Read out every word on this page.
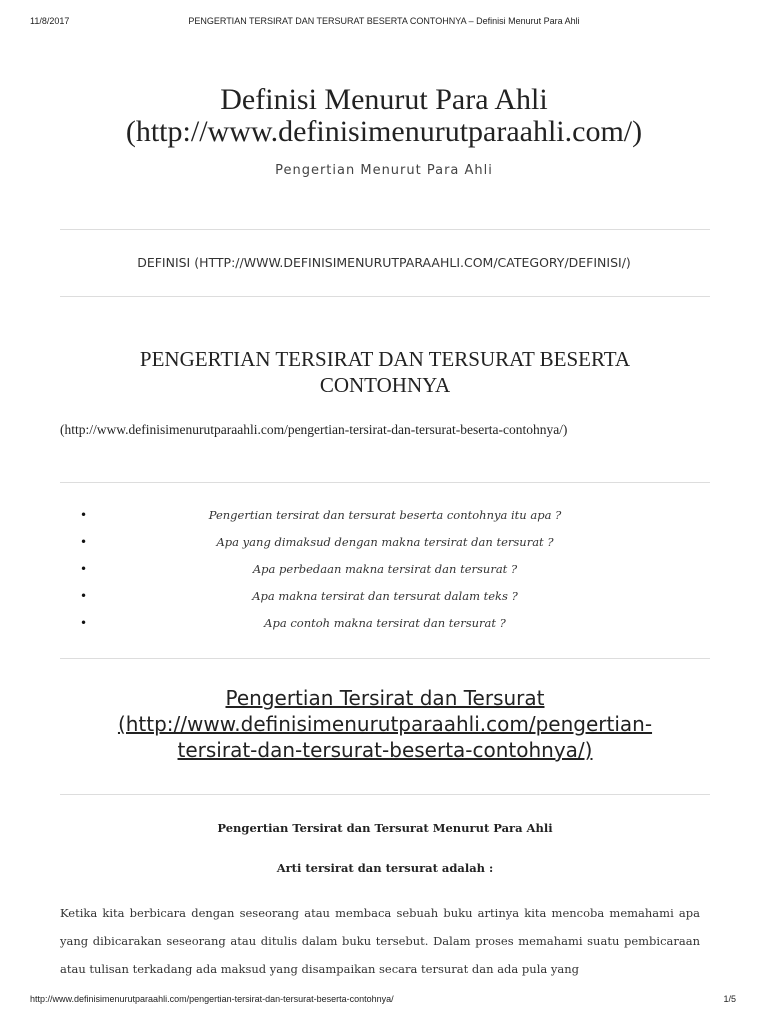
11/8/2017	PENGERTIAN TERSIRAT DAN TERSURAT BESERTA CONTOHNYA – Definisi Menurut Para Ahli
Definisi Menurut Para Ahli
(http://www.definisimenurutparaahli.com/)
Pengertian Menurut Para Ahli
DEFINISI (HTTP://WWW.DEFINISIMENURUTPARAAHLI.COM/CATEGORY/DEFINISI/)
PENGERTIAN TERSIRAT DAN TERSURAT BESERTA
CONTOHNYA
(http://www.definisimenurutparaahli.com/pengertian-tersirat-dan-tersurat-beserta-contohnya/)
•	Pengertian tersirat dan tersurat beserta contohnya itu apa ?
•	Apa yang dimaksud dengan makna tersirat dan tersurat ?
•	Apa perbedaan makna tersirat dan tersurat ?
•	Apa makna tersirat dan tersurat dalam teks ?
•	Apa contoh makna tersirat dan tersurat ?
Pengertian Tersirat dan Tersurat
(http://www.definisimenurutparaahli.com/pengertian-
tersirat-dan-tersurat-beserta-contohnya/)
Pengertian Tersirat dan Tersurat Menurut Para Ahli
Arti tersirat dan tersurat adalah :

Ketika kita berbicara dengan seseorang atau membaca sebuah buku artinya kita mencoba memahami apa yang dibicarakan seseorang atau ditulis dalam buku tersebut. Dalam proses memahami suatu pembicaraan atau tulisan terkadang ada maksud yang disampaikan secara tersurat dan ada pula yang

http://www.definisimenurutparaahli.com/pengertian-tersirat-dan-tersurat-beserta-contohnya/	1/5
